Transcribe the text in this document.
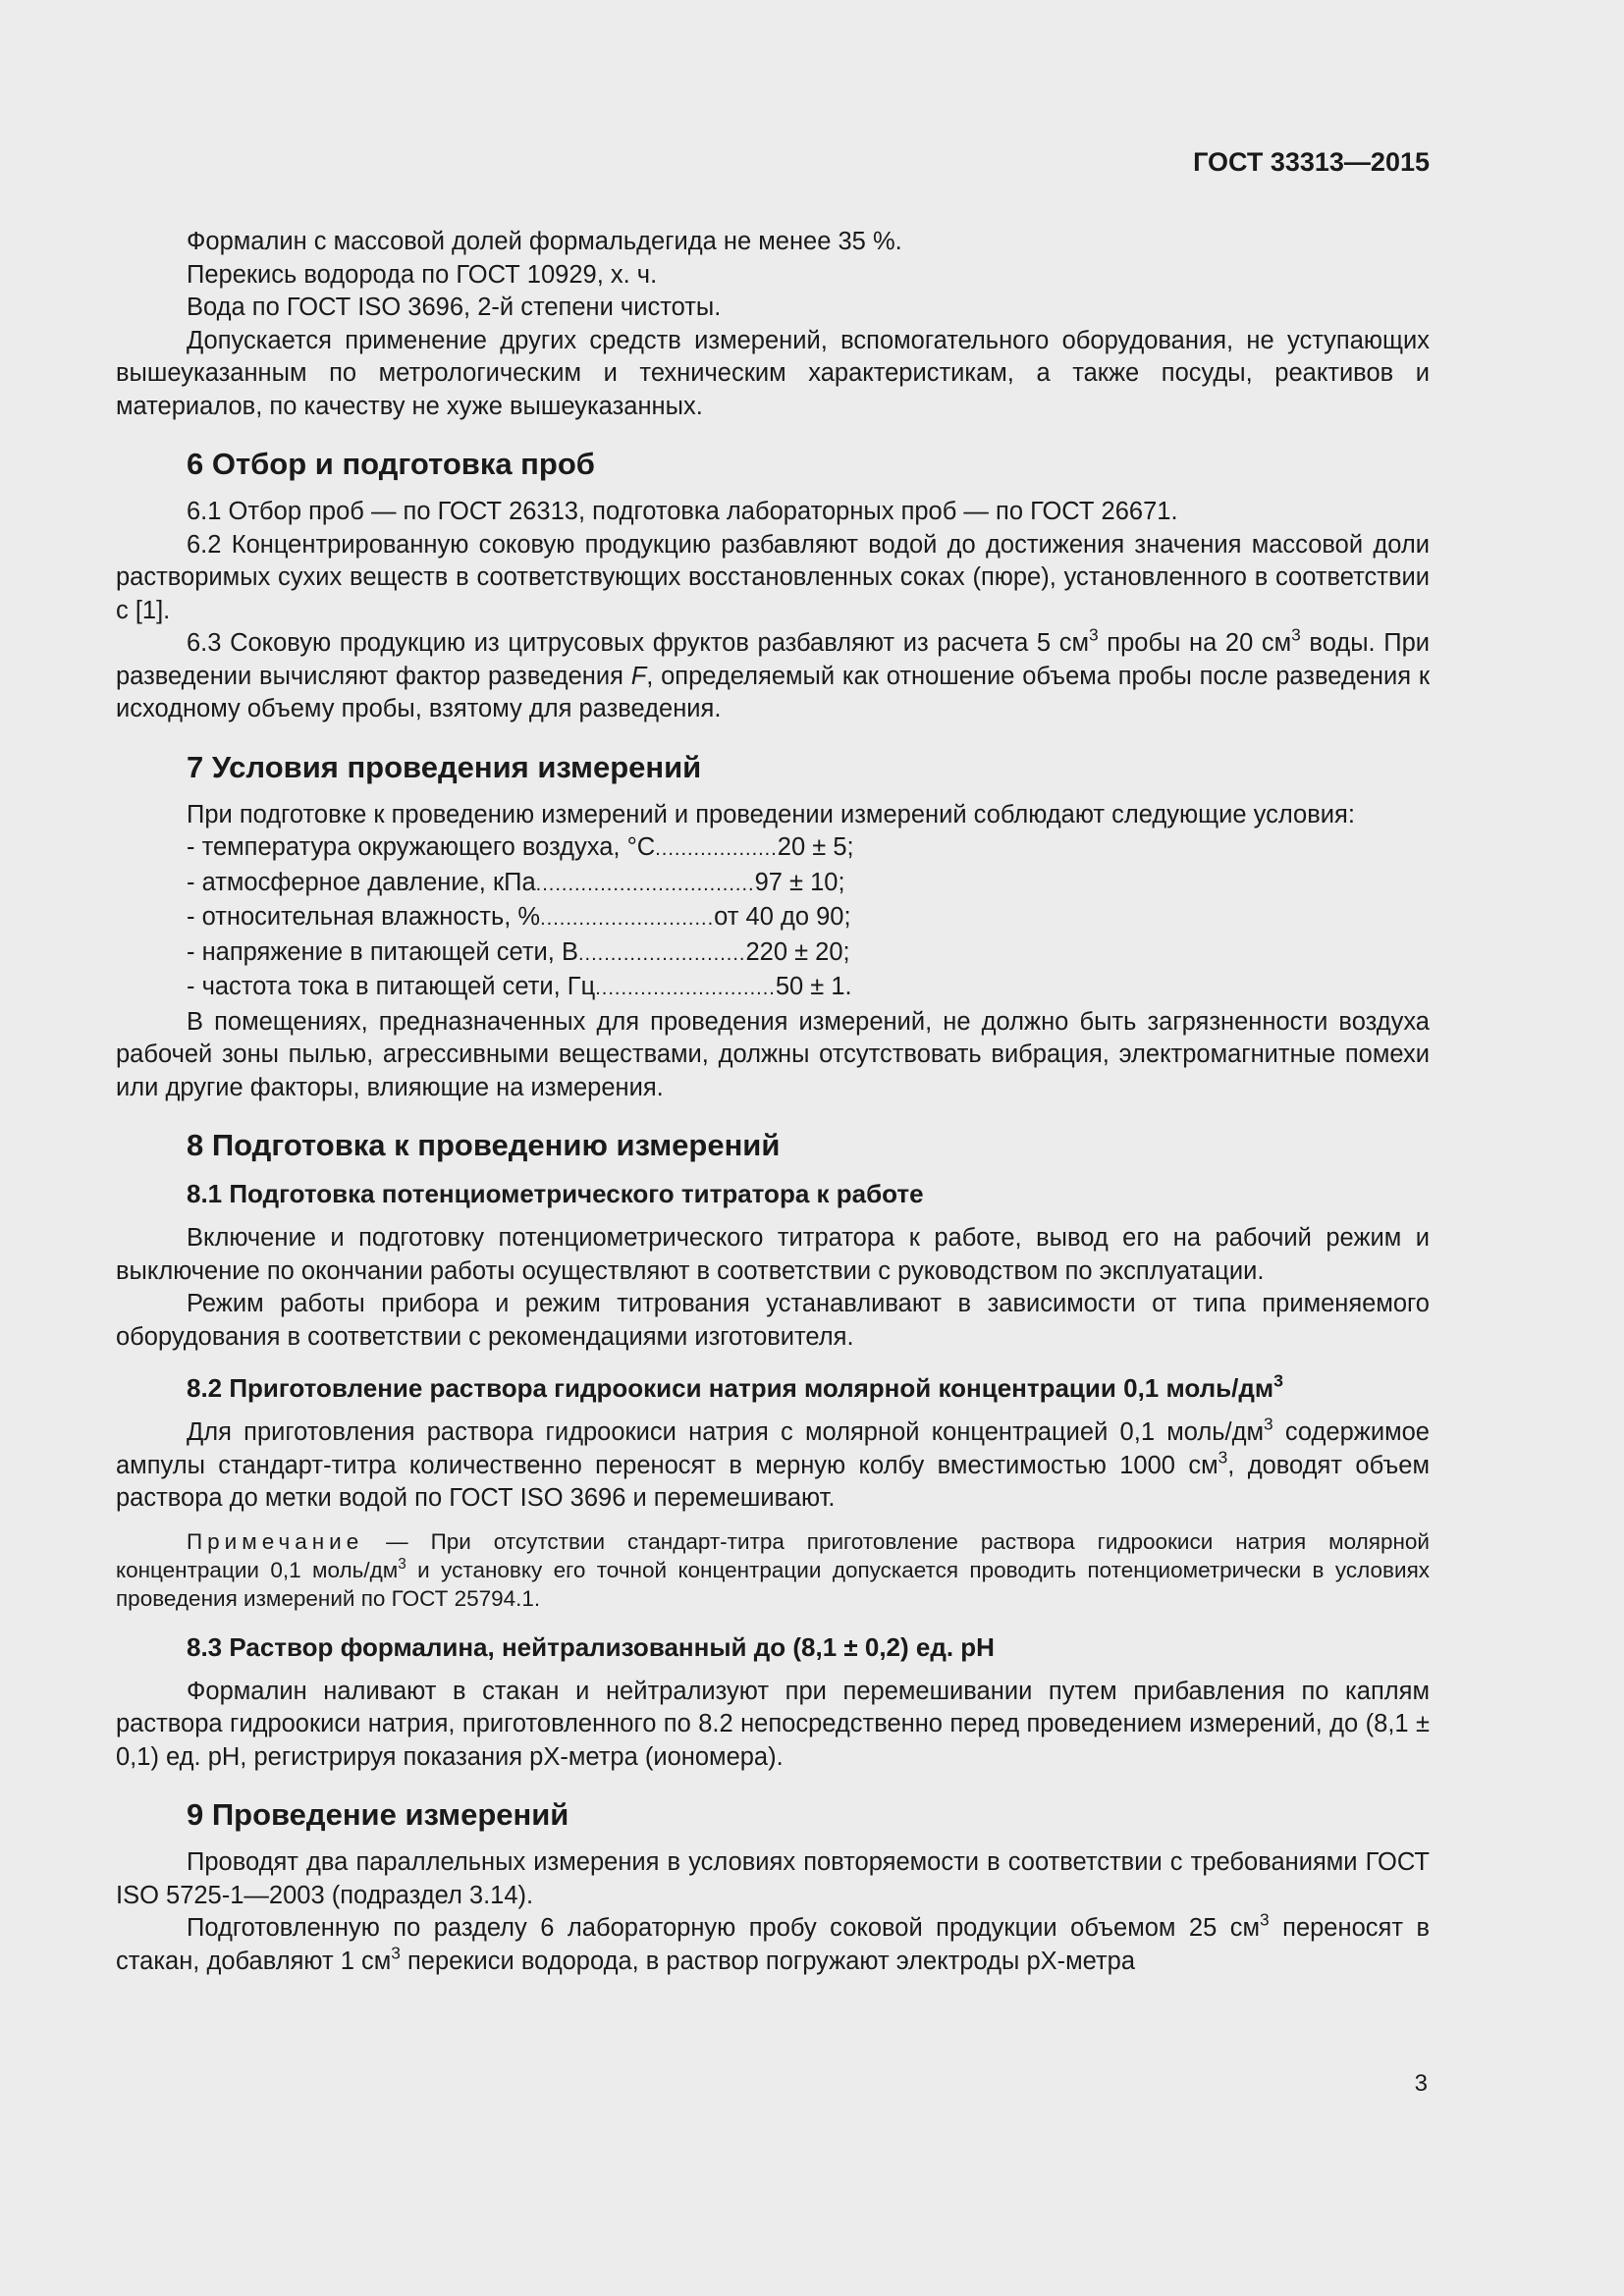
ГОСТ 33313—2015

Формалин с массовой долей формальдегида не менее 35 %.

Перекись водорода по ГОСТ 10929, х. ч.

Вода по ГОСТ ISO 3696, 2-й степени чистоты.

Допускается применение других средств измерений, вспомогательного оборудования, не уступающих вышеуказанным по метрологическим и техническим характеристикам, а также посуды, реактивов и материалов, по качеству не хуже вышеуказанных.

6 Отбор и подготовка проб

6.1 Отбор проб — по ГОСТ 26313, подготовка лабораторных проб — по ГОСТ 26671.

6.2 Концентрированную соковую продукцию разбавляют водой до достижения значения массовой доли растворимых сухих веществ в соответствующих восстановленных соках (пюре), установленного в соответствии с [1].

6.3 Соковую продукцию из цитрусовых фруктов разбавляют из расчета 5 $см^3$ пробы на 20 $см^3$ воды. При разведении вычисляют фактор разведения F, определяемый как отношение объема пробы после разведения к исходному объему пробы, взятому для разведения.

7 Условия проведения измерений

При подготовке к проведению измерений и проведении измерений соблюдают следующие условия:

- температура окружающего воздуха, °С ................... 20 ± 5;
- атмосферное давление, кПа .................................. 97 ± 10;
- относительная влажность, % ........................... от 40 до 90;
- напряжение в питающей сети, В .......................... 220 ± 20;
- частота тока в питающей сети, Гц ............................ 50 ± 1.

В помещениях, предназначенных для проведения измерений, не должно быть загрязненности воздуха рабочей зоны пылью, агрессивными веществами, должны отсутствовать вибрация, электромагнитные помехи или другие факторы, влияющие на измерения.

8 Подготовка к проведению измерений
8.1 Подготовка потенциометрического титратора к работе

Включение и подготовку потенциометрического титратора к работе, вывод его на рабочий режим и выключение по окончании работы осуществляют в соответствии с руководством по эксплуатации.

Режим работы прибора и режим титрования устанавливают в зависимости от типа применяемого оборудования в соответствии с рекомендациями изготовителя.

8.2 Приготовление раствора гидроокиси натрия молярной концентрации 0,1 моль/$дм^3$

Для приготовления раствора гидроокиси натрия с молярной концентрацией 0,1 моль/$дм^3$ содержимое ампулы стандарт-титра количественно переносят в мерную колбу вместимостью 1000 $см^3$, доводят объем раствора до метки водой по ГОСТ ISO 3696 и перемешивают.

Примечание — При отсутствии стандарт-титра приготовление раствора гидроокиси натрия молярной концентрации 0,1 моль/$дм^3$ и установку его точной концентрации допускается проводить потенциометрически в условиях проведения измерений по ГОСТ 25794.1.

8.3 Раствор формалина, нейтрализованный до (8,1 ± 0,2) ед. рН

Формалин наливают в стакан и нейтрализуют при перемешивании путем прибавления по каплям раствора гидроокиси натрия, приготовленного по 8.2 непосредственно перед проведением измерений, до (8,1 ± 0,1) ед. рН, регистрируя показания рХ-метра (иономера).

9 Проведение измерений

Проводят два параллельных измерения в условиях повторяемости в соответствии с требованиями ГОСТ ISO 5725-1—2003 (подраздел 3.14).

Подготовленную по разделу 6 лабораторную пробу соковой продукции объемом 25 $см^3$ переносят в стакан, добавляют 1 $см^3$ перекиси водорода, в раствор погружают электроды рХ-метра

3
